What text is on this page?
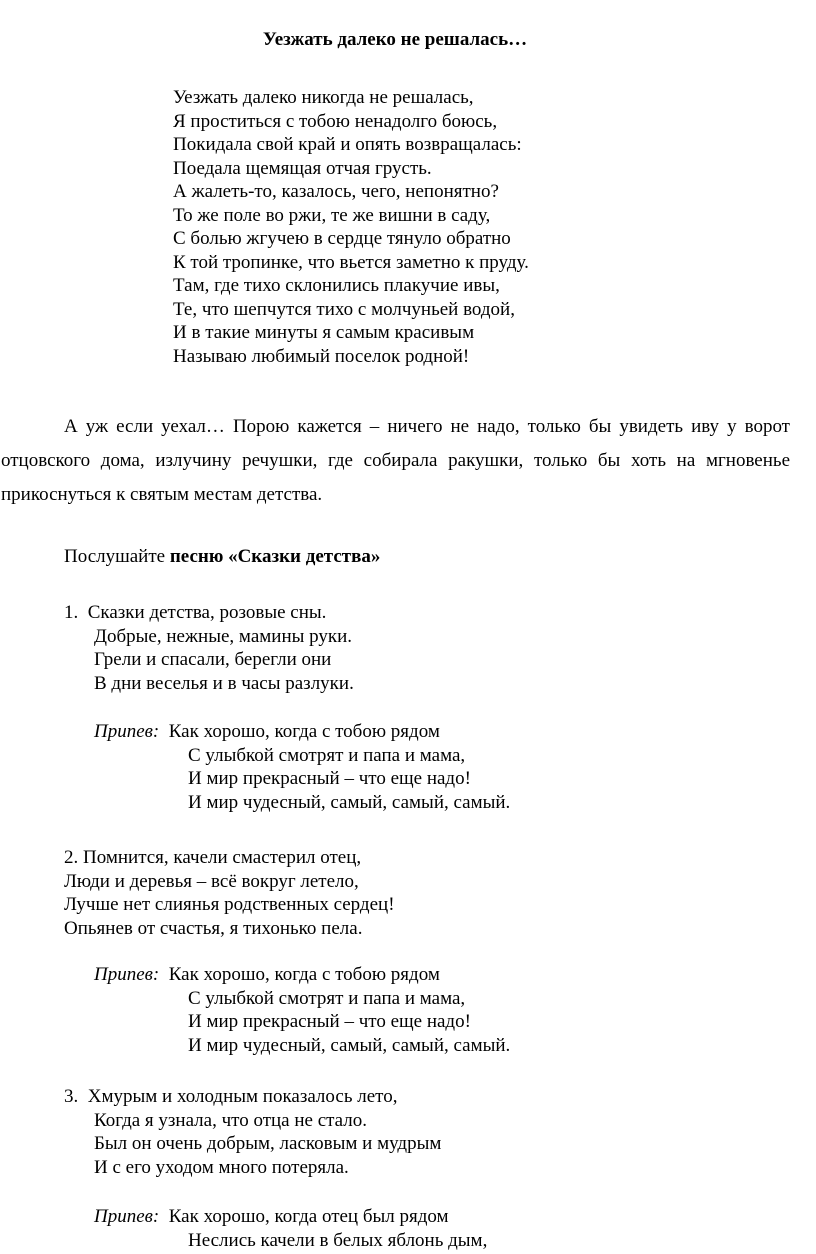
Уезжать далеко не решалась…
Уезжать далеко никогда не решалась,
Я проститься с тобою ненадолго боюсь,
Покидала свой край и опять возвращалась:
Поедала щемящая отчая грусть.
А жалеть-то, казалось, чего, непонятно?
То же поле во ржи, те же вишни в саду,
С болью жгучею в сердце тянуло обратно
К той тропинке, что вьется заметно к пруду.
Там, где тихо склонились плакучие ивы,
Те, что шепчутся тихо с молчуньей водой,
И в такие минуты я самым красивым
Называю любимый поселок родной!

А уж если уехал… Порою кажется – ничего не надо, только бы увидеть иву у ворот отцовского дома, излучину речушки, где собирала ракушки, только бы хоть на мгновенье прикоснуться к святым местам детства.

Послушайте песню «Сказки детства»

1. Сказки детства, розовые сны.
Добрые, нежные, мамины руки.
Грели и спасали, берегли они
В дни веселья и в часы разлуки.
Припев: Как хорошо, когда с тобою рядом
С улыбкой смотрят и папа и мама,
И мир прекрасный – что еще надо!
И мир чудесный, самый, самый, самый.
2. Помнится, качели смастерил отец,
Люди и деревья – всё вокруг летело,
Лучше нет слиянья родственных сердец!
Опьянев от счастья, я тихонько пела.
Припев: Как хорошо, когда с тобою рядом
С улыбкой смотрят и папа и мама,
И мир прекрасный – что еще надо!
И мир чудесный, самый, самый, самый.
3. Хмурым и холодным показалось лето,
Когда я узнала, что отца не стало.
Был он очень добрым, ласковым и мудрым
И с его уходом много потеряла.
Припев: Как хорошо, когда отец был рядом
Неслись качели в белых яблонь дым,
